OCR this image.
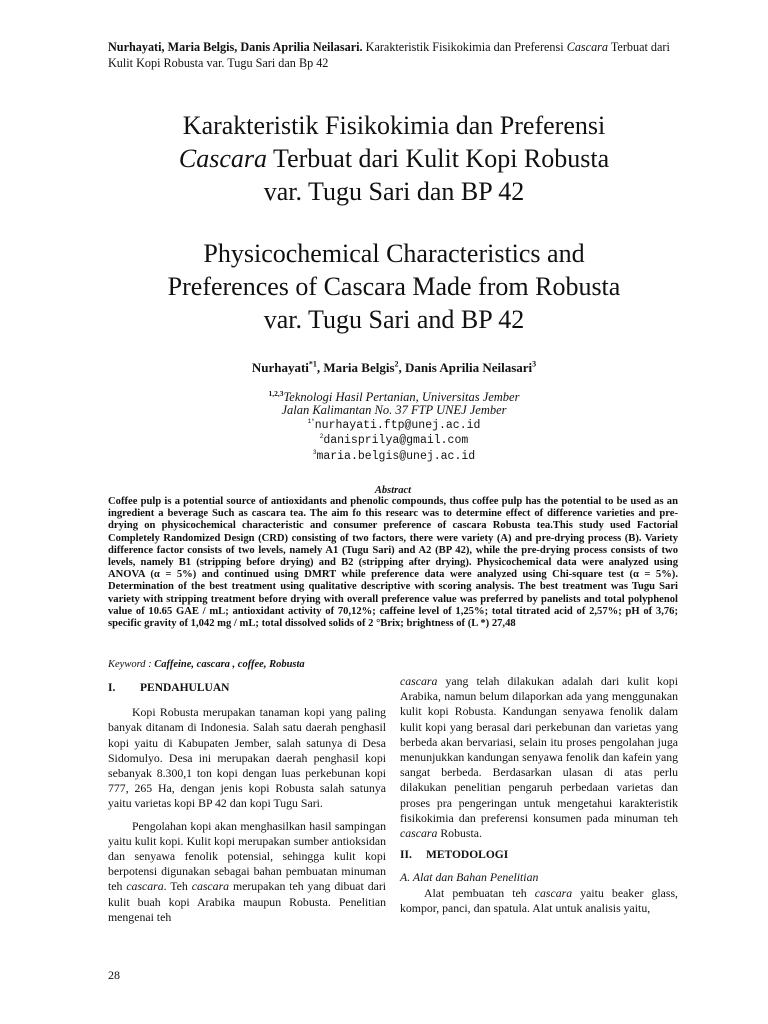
Nurhayati, Maria Belgis, Danis Aprilia Neilasari. Karakteristik Fisikokimia dan Preferensi Cascara Terbuat dari Kulit Kopi Robusta var. Tugu Sari dan Bp 42
Karakteristik Fisikokimia dan Preferensi
Cascara Terbuat dari Kulit Kopi Robusta
var. Tugu Sari dan BP 42
Physicochemical Characteristics and
Preferences of Cascara Made from Robusta
var. Tugu Sari and BP 42
Nurhayati$^{*1}$, Maria Belgis$^2$, Danis Aprilia Neilasari$^3$
$^{1,2,3}$Teknologi Hasil Pertanian, Universitas Jember
Jalan Kalimantan No. 37 FTP UNEJ Jember
$^{1*}$nurhayati.ftp@unej.ac.id
$^2$danisprilya@gmail.com
$^3$maria.belgis@unej.ac.id
Abstract
Coffee pulp is a potential source of antioxidants and phenolic compounds, thus coffee pulp has the potential to be used as an ingredient a beverage Such as cascara tea. The aim fo this researc was to determine effect of difference varieties and pre-drying on physicochemical characteristic and consumer preference of cascara Robusta tea.This study used Factorial Completely Randomized Design (CRD) consisting of two factors, there were variety (A) and pre-drying process (B). Variety difference factor consists of two levels, namely A1 (Tugu Sari) and A2 (BP 42), while the pre-drying process consists of two levels, namely B1 (stripping before drying) and B2 (stripping after drying). Physicochemical data were analyzed using ANOVA (α = 5%) and continued using DMRT while preference data were analyzed using Chi-square test (α = 5%). Determination of the best treatment using qualitative descriptive with scoring analysis. The best treatment was Tugu Sari variety with stripping treatment before drying with overall preference value was preferred by panelists and total polyphenol value of 10.65 GAE / mL; antioxidant activity of 70,12%; caffeine level of 1,25%; total titrated acid of 2,57%; pH of 3,76; specific gravity of 1,042 mg / mL; total dissolved solids of 2 °Brix; brightness of (L *) 27,48
Keyword : Caffeine, cascara , coffee, Robusta
I.	PENDAHULUAN

Kopi Robusta merupakan tanaman kopi yang paling banyak ditanam di Indonesia. Salah satu daerah penghasil kopi yaitu di Kabupaten Jember, salah satunya di Desa Sidomulyo. Desa ini merupakan daerah penghasil kopi sebanyak 8.300,1 ton kopi dengan luas perkebunan kopi 777, 265 Ha, dengan jenis kopi Robusta salah satunya yaitu varietas kopi BP 42 dan kopi Tugu Sari.

Pengolahan kopi akan menghasilkan hasil sampingan yaitu kulit kopi. Kulit kopi merupakan sumber antioksidan dan senyawa fenolik potensial, sehingga kulit kopi berpotensi digunakan sebagai bahan pembuatan minuman teh cascara. Teh cascara merupakan teh yang dibuat dari kulit buah kopi Arabika maupun Robusta. Penelitian mengenai teh

cascara yang telah dilakukan adalah dari kulit kopi Arabika, namun belum dilaporkan ada yang menggunakan kulit kopi Robusta. Kandungan senyawa fenolik dalam kulit kopi yang berasal dari perkebunan dan varietas yang berbeda akan bervariasi, selain itu proses pengolahan juga menunjukkan kandungan senyawa fenolik dan kafein yang sangat berbeda. Berdasarkan ulasan di atas perlu dilakukan penelitian pengaruh perbedaan varietas dan proses pra pengeringan untuk mengetahui karakteristik fisikokimia dan preferensi konsumen pada minuman teh cascara Robusta.

II.	METODOLOGI

A. Alat dan Bahan Penelitian

Alat pembuatan teh cascara yaitu beaker glass, kompor, panci, dan spatula. Alat untuk analisis yaitu,

28
